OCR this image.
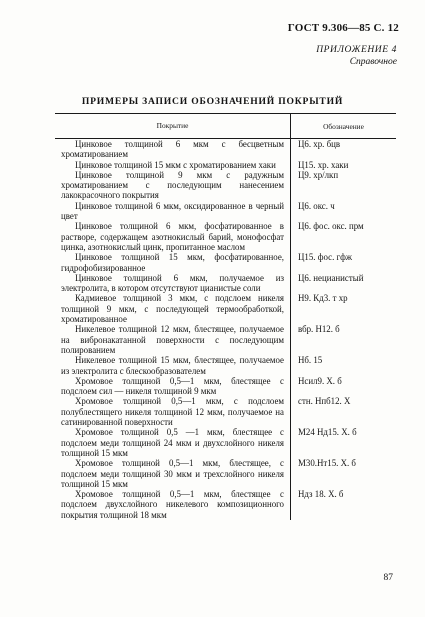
ГОСТ 9.306—85 С. 12
ПРИЛОЖЕНИЕ 4
Справочное
ПРИМЕРЫ ЗАПИСИ ОБОЗНАЧЕНИЙ ПОКРЫТИЙ
Покрытие	Обозначение
Цинковое толщиной 6 мкм с бесцветным хроматированием
Ц6. хр. бцв
Цинковое толщиной 15 мкм с хроматированием хаки	Ц15. хр. хаки
Цинковое толщиной 9 мкм с радужным хроматированием с последующим нанесением лакокрасочного покрытия
Ц9. хр/лкп
Цинковое толщиной 6 мкм, оксидированное в черный цвет
Ц6. окс. ч
Цинковое толщиной 6 мкм, фосфатированное в растворе, содержащем азотнокислый барий, монофосфат цинка, азотнокислый цинк, пропитанное маслом
Ц6. фос. окс. прм
Цинковое толщиной 15 мкм, фосфатированное, гидрофобизированное
Ц15. фос. гфж
Цинковое толщиной 6 мкм, получаемое из электролита, в котором отсутствуют цианистые соли
Ц6. нецианистый
Кадмиевое толщиной 3 мкм, с подслоем никеля толщиной 9 мкм, с последующей термообработкой, хроматированное
Н9. Кд3. т хр
Никелевое толщиной 12 мкм, блестящее, получаемое на вибронакатанной поверхности с последующим полированием
вбр. Н12. б
Никелевое толщиной 15 мкм, блестящее, получаемое из электролита с блескообразователем
Нб. 15
Хромовое толщиной 0,5—1 мкм, блестящее с подслоем сил — никеля толщиной 9 мкм
Нсил9. Х. б
Хромовое толщиной 0,5—1 мкм, с подслоем полублестящего никеля толщиной 12 мкм, получаемое на сатинированной поверхности
стн. Нпб12. Х
Хромовое толщиной 0,5 —1 мкм, блестящее с подслоем меди толщиной 24 мкм и двухслойного никеля толщиной 15 мкм
М24 Нд15. Х. б
Хромовое толщиной 0,5—1 мкм, блестящее, с подслоем меди толщиной 30 мкм и трехслойного никеля толщиной 15 мкм
М30.Нт15. Х. б
Хромовое толщиной 0,5—1 мкм, блестящее с подслоем двухслойного никелевого композиционного покрытия толщиной 18 мкм
Ндз 18. Х. б
87
